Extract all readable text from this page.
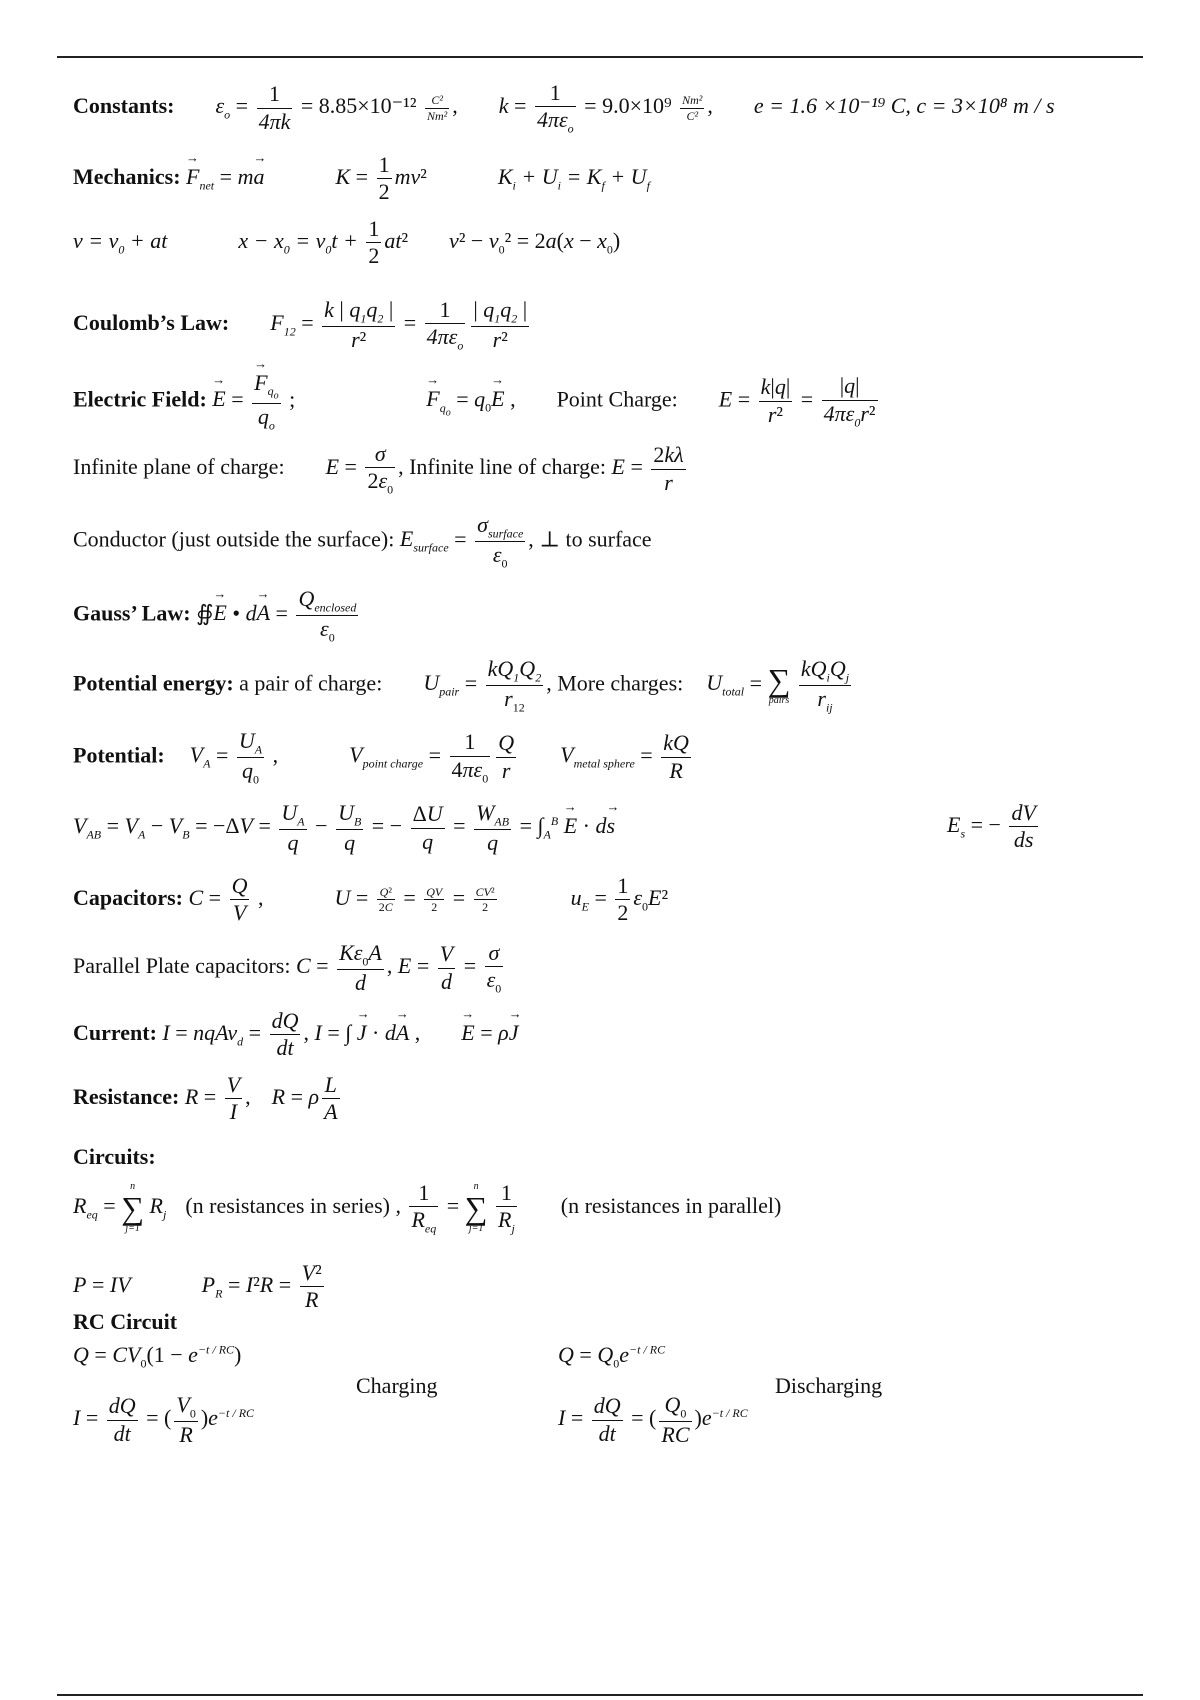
Constants: $\varepsilon_o = \frac{1}{4\pi k} = 8.85\times 10^{-12} \frac{\text{C²}}{\text{Nm²}}$ ,  k =
1
$4\pi\varepsilon_o$
= $9.0\times 10^9 \frac{\text{Nm²}}{\text{C²}}$ ,  e = 1.6 ×10⁻¹⁹ C, c = 3×10⁸ m / s
Mechanics: → $F_{net} = m\to a$	$K = \frac{1}{2} mv^2$	$K_i + U_i = K_f + U_f$
$v = v_0$ + at	$x - x_0 = v_0t + \frac{1}{2} at^2$  $v^2 - v_0^2 = 2a(x - x_0)$
Coulomb’s Law: $F_{12} = \frac{k | q_1q_2 |}{\text{r²}}$ =
1
$4\pi\varepsilon_o \frac{| q_1q_2 |}{\text{r²}}$
Electric Field: → E =
→ $F_{q_o}$
$q_o$
;	→ $F_{q_o} = q_0\to E$ ,  Point Charge: $E = \frac{k|q|}{\text{r²}} = \frac{|q|}{4\pi\varepsilon_0r^2}$
Infinite plane of charge: $E = \frac{\sigma}{2\varepsilon_0}$ , Infinite line of charge: $E = \frac{2k\lambda}{r}$
Conductor (just outside the surface): $E_{surface}$ =
$\sigma_{surface}$
$\varepsilon_0$
, ⊥ to surface
Gauss’ Law: ∯→ E • d→ A =
$Q_{enclosed}$
$\varepsilon_0$
Potential energy: a pair of charge: $U_{pair} = \frac{kQ_1Q_2}{r_{12}}$ , More charges: $U_{total}$ = ∑
pairs

$kQ_iQ_j$
$r_{ij}$
Potential: $V_A = \frac{U_A}{q_0}$ ,	$V_{point charge} = \frac{1}{4\pi\varepsilon_0} \frac{Q}{r} V_{metal sphere} = \frac{kQ}{R}$
$V_{AB} = V_A - V_B = -\Delta V = \frac{U_A}{q} - \frac{U_B}{q}$ = − $\frac{\Delta U}{q}$ =
$W_{AB}$
q
= $\int_A^B \to E \cdot d\to s$	$E_s$ = − $\frac{dV}{ds}$
Capacitors: $C = \frac{Q}{V}$ ,	$U = \frac{\text{Q²}}{2C} = \frac{QV}{2} = \frac{\text{CV²}}{2}$	$u_E = \frac{1}{2} \varepsilon_0E^2$
Parallel Plate capacitors: $C = \frac{K\varepsilon_0A}{d}$ , $E = \frac{V}{d} = \frac{\sigma}{\varepsilon_0}$
Current: I = nqAv$_d$ = $\frac{dQ}{dt}$ , I = ∫ → J · d→ A ,  → E = ρ→ J
Resistance: $R = \frac{V}{I}$ ,  R = ρ $\frac{L}{A}$
Circuits:
$R_{eq}$ =
n
∑
j=1
$R_j$ (n resistances in series) ,
1
$R_{eq}$
=
n
∑
j=1
$\frac{1}{R_j} (n$ resistances in parallel)
P = IV	$P_R = I^2R = \frac{\text{V²}}{R}$
RC Circuit
$Q = CV_0(1 - e^{-t / RC})$
$I = \frac{dQ}{dt}$ = ( $\frac{V_0}{R} )e^{-t / RC}$
Charging
$Q = Q_0e^{-t / RC}$
$I = \frac{dQ}{dt}$ = ( $\frac{Q_0}{RC} )e^{-t / RC}$
Discharging
